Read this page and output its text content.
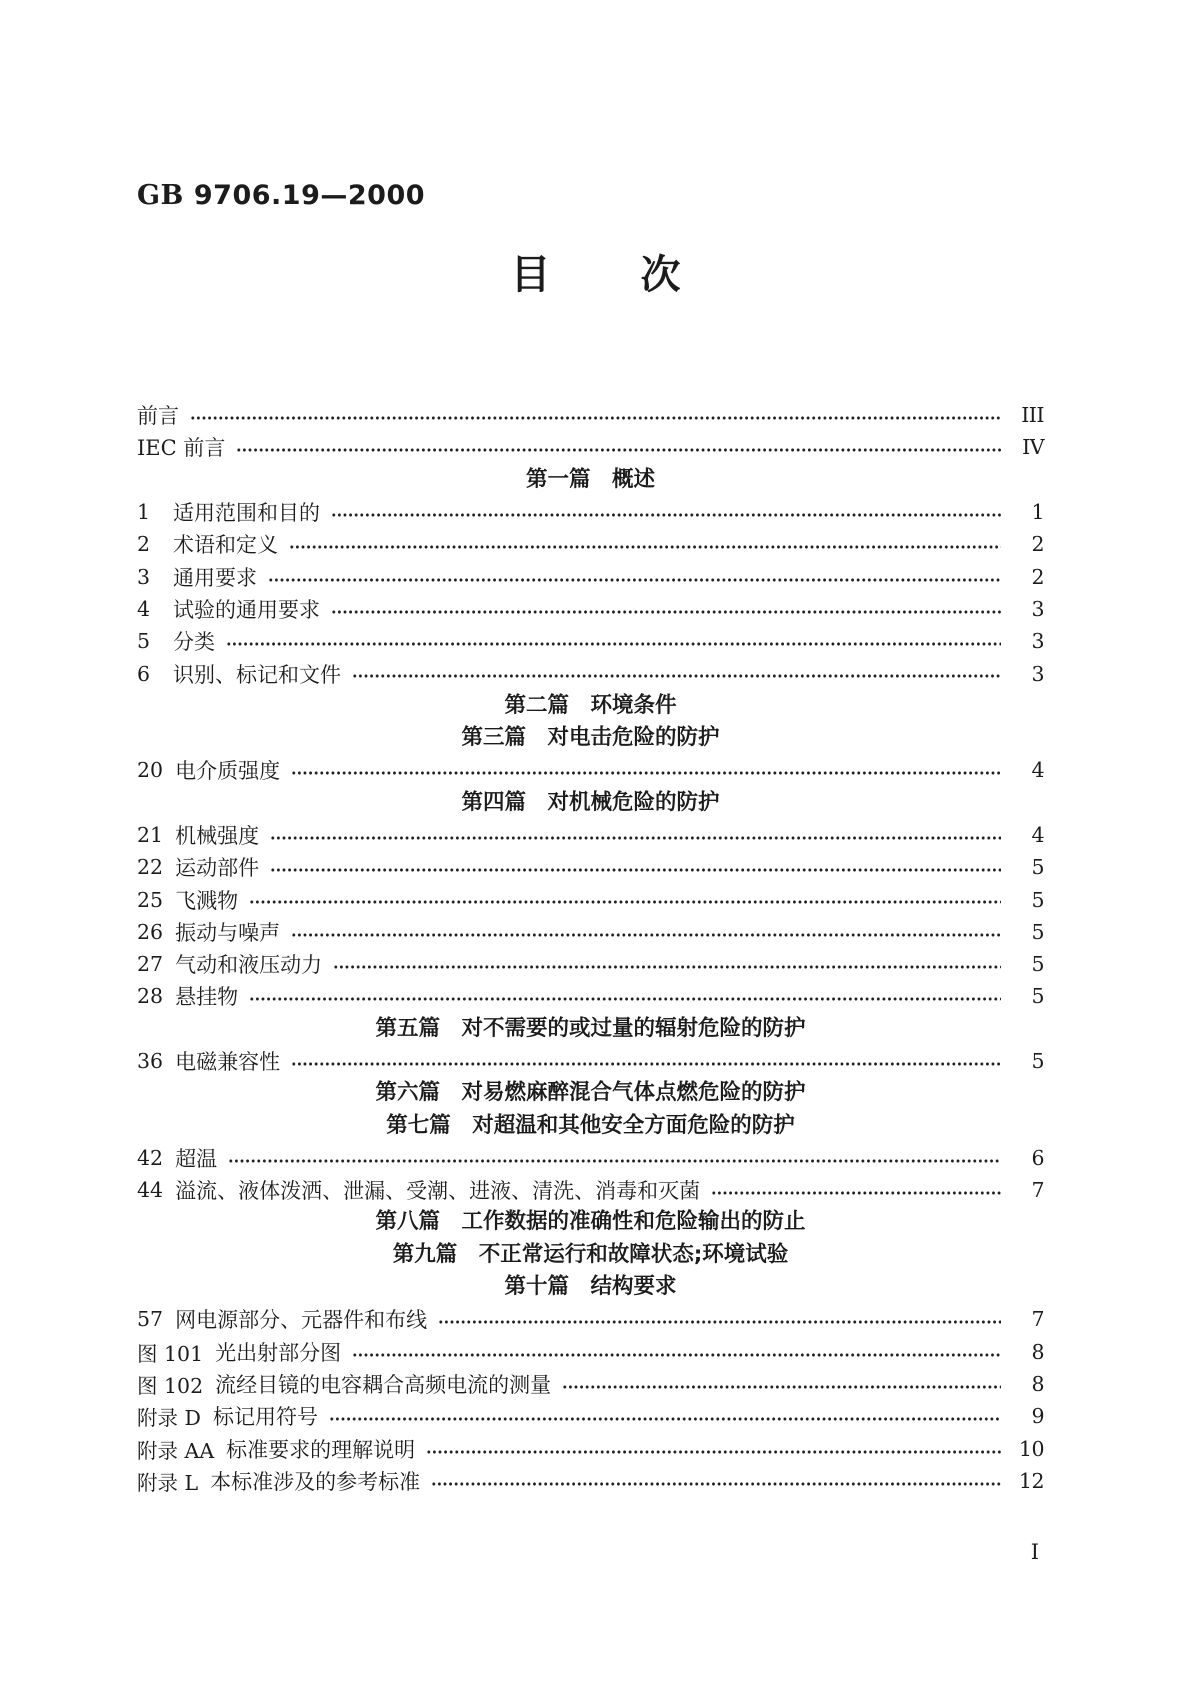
GB 9706.19—2000
目 次
前言	III
IEC 前言	IV
第一篇　概述
1	适用范围和目的	1
2	术语和定义	2
3	通用要求	2
4	试验的通用要求	3
5	分类	3
6	识别、标记和文件	3
第二篇　环境条件
第三篇　对电击危险的防护
20 电介质强度	4
第四篇　对机械危险的防护
21 机械强度	4
22 运动部件	5
25 飞溅物	5
26 振动与噪声	5
27 气动和液压动力	5
28 悬挂物	5
第五篇　对不需要的或过量的辐射危险的防护
36 电磁兼容性	5
第六篇　对易燃麻醉混合气体点燃危险的防护
第七篇　对超温和其他安全方面危险的防护
42 超温	6
44 溢流、液体泼洒、泄漏、受潮、进液、清洗、消毒和灭菌	7
第八篇　工作数据的准确性和危险输出的防止
第九篇　不正常运行和故障状态;环境试验
第十篇　结构要求
57 网电源部分、元器件和布线	7
图 101 光出射部分图	8
图 102 流经目镜的电容耦合高频电流的测量	8
附录 D 标记用符号	9
附录 AA 标准要求的理解说明	10
附录 L 本标准涉及的参考标准	12
I
